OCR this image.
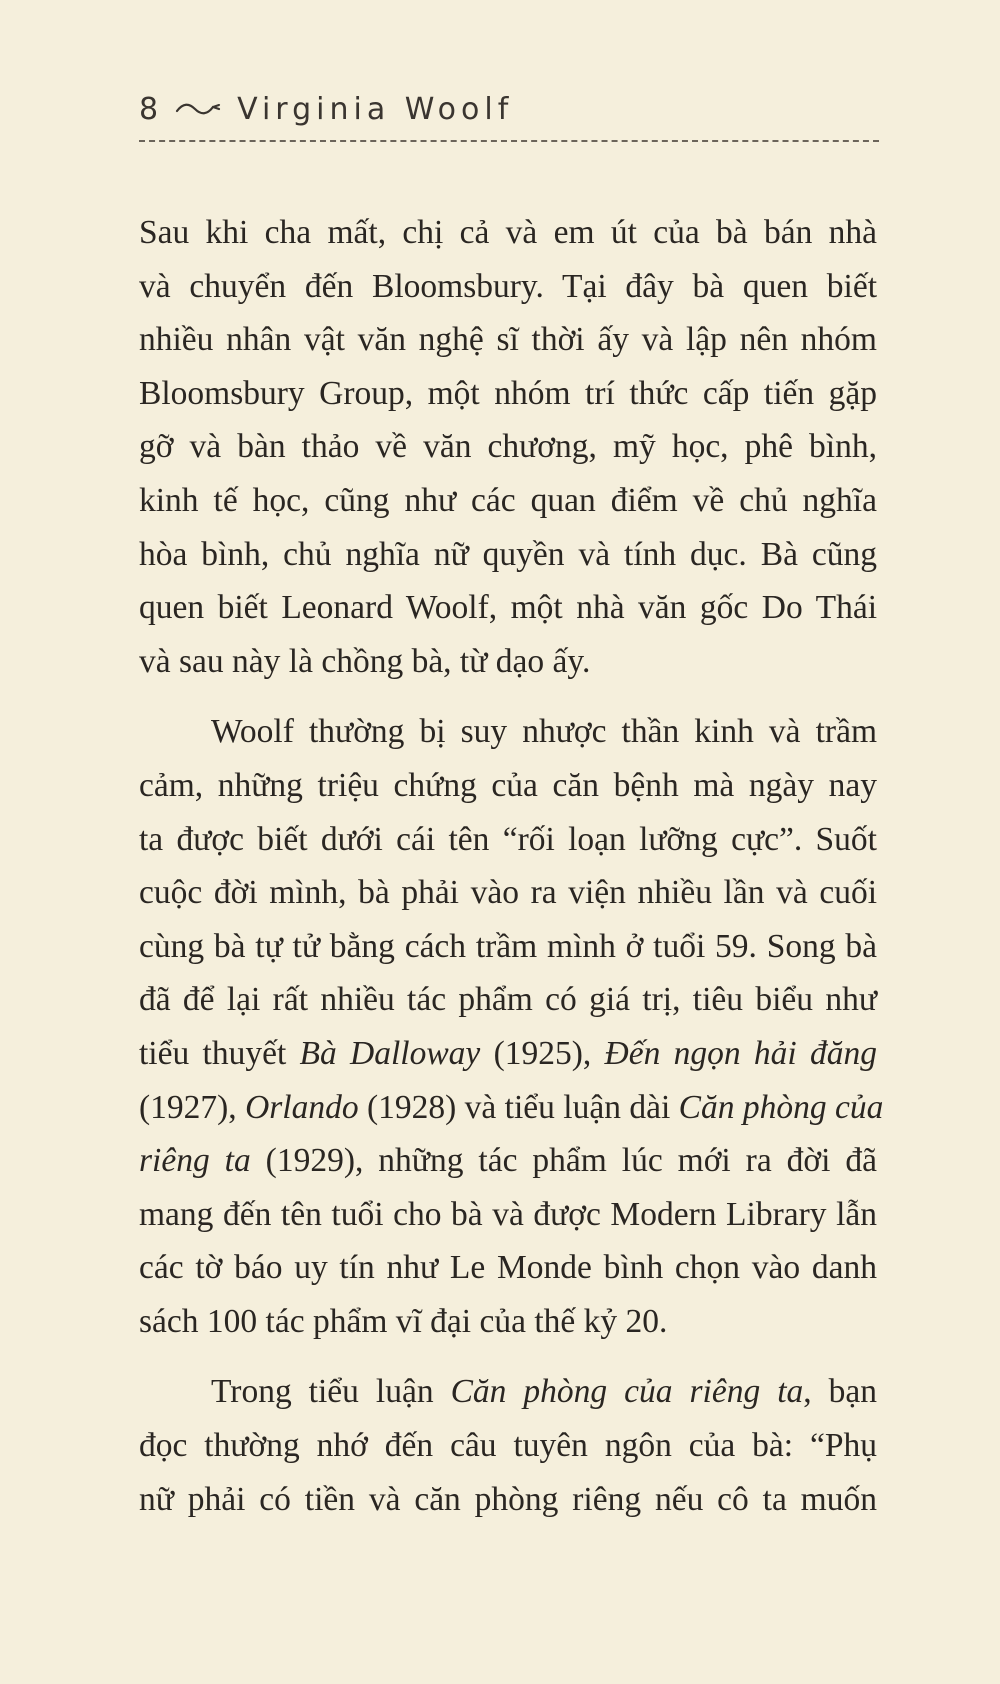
8 Virginia Woolf
Sau khi cha mất, chị cả và em út của bà bán nhà
và chuyển đến Bloomsbury. Tại đây bà quen biết
nhiều nhân vật văn nghệ sĩ thời ấy và lập nên nhóm
Bloomsbury Group, một nhóm trí thức cấp tiến gặp
gỡ và bàn thảo về văn chương, mỹ học, phê bình,
kinh tế học, cũng như các quan điểm về chủ nghĩa
hòa bình, chủ nghĩa nữ quyền và tính dục. Bà cũng
quen biết Leonard Woolf, một nhà văn gốc Do Thái
và sau này là chồng bà, từ dạo ấy.
Woolf thường bị suy nhược thần kinh và trầm
cảm, những triệu chứng của căn bệnh mà ngày nay
ta được biết dưới cái tên “rối loạn lưỡng cực”. Suốt
cuộc đời mình, bà phải vào ra viện nhiều lần và cuối
cùng bà tự tử bằng cách trầm mình ở tuổi 59. Song bà
đã để lại rất nhiều tác phẩm có giá trị, tiêu biểu như
tiểu thuyết Bà Dalloway (1925), Đến ngọn hải đăng
(1927), Orlando (1928) và tiểu luận dài Căn phòng của
riêng ta (1929), những tác phẩm lúc mới ra đời đã
mang đến tên tuổi cho bà và được Modern Library lẫn
các tờ báo uy tín như Le Monde bình chọn vào danh
sách 100 tác phẩm vĩ đại của thế kỷ 20.
Trong tiểu luận Căn phòng của riêng ta, bạn
đọc thường nhớ đến câu tuyên ngôn của bà: “Phụ
nữ phải có tiền và căn phòng riêng nếu cô ta muốn
